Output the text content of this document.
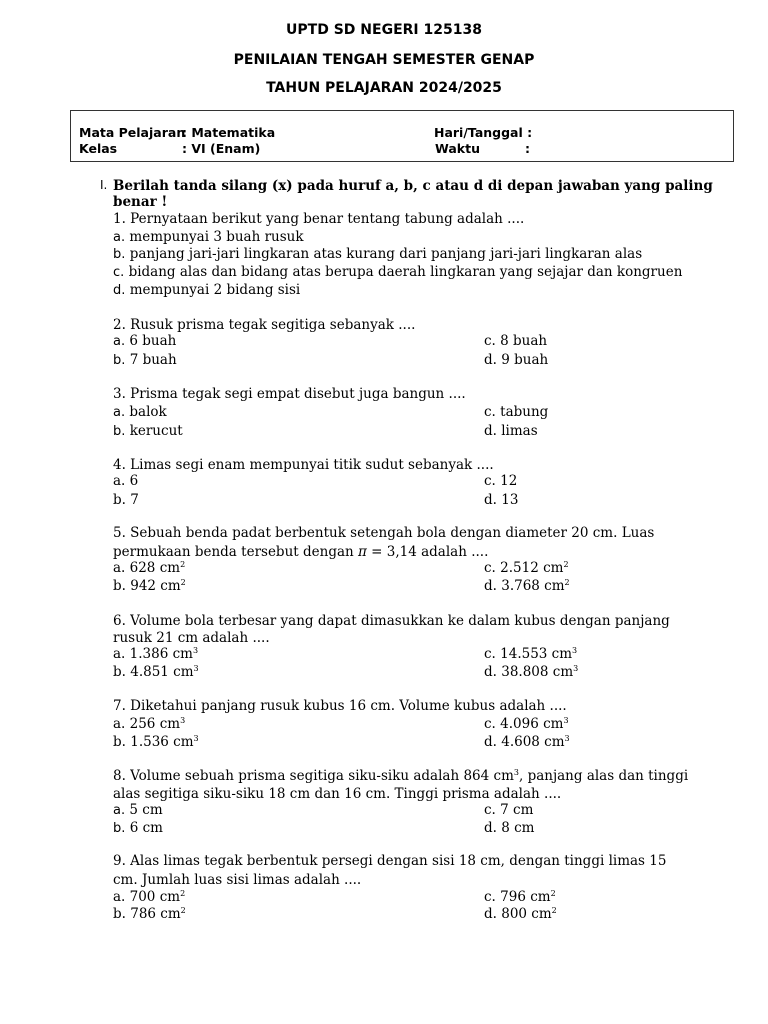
UPTD SD NEGERI 125138
PENILAIAN TENGAH SEMESTER GENAP
TAHUN PELAJARAN 2024/2025
Mata Pelajaran
: Matematika
Kelas	: VI (Enam)
Hari/Tanggal :
Waktu	:
I. Berilah tanda silang (x) pada huruf a, b, c atau d di depan jawaban yang paling
benar !
1. Pernyataan berikut yang benar tentang tabung adalah ....
a. mempunyai 3 buah rusuk
b. panjang jari-jari lingkaran atas kurang dari panjang jari-jari lingkaran alas
c. bidang alas dan bidang atas berupa daerah lingkaran yang sejajar dan kongruen
d. mempunyai 2 bidang sisi
2. Rusuk prisma tegak segitiga sebanyak ....
a. 6 buah
b. 7 buah
c. 8 buah
d. 9 buah
3. Prisma tegak segi empat disebut juga bangun ....
a. balok
b. kerucut
c. tabung
d. limas
4. Limas segi enam mempunyai titik sudut sebanyak ....
a. 6
b. 7
c. 12
d. 13
5. Sebuah benda padat berbentuk setengah bola dengan diameter 20 cm. Luas
permukaan benda tersebut dengan π = 3,14 adalah ....
a. 628 $cm^2$
b. 942 $cm^2$
c. 2.512 $cm^2$
d. 3.768 $cm^2$
6. Volume bola terbesar yang dapat dimasukkan ke dalam kubus dengan panjang
rusuk 21 cm adalah ....
a. 1.386 $cm^3$
b. 4.851 $cm^3$
c. 14.553 $cm^3$
d. 38.808 $cm^3$
7. Diketahui panjang rusuk kubus 16 cm. Volume kubus adalah ....
a. 256 $cm^3$
b. 1.536 $cm^3$
c. 4.096 $cm^3$
d. 4.608 $cm^3$
8. Volume sebuah prisma segitiga siku-siku adalah 864 $cm^3$, panjang alas dan tinggi
alas segitiga siku-siku 18 cm dan 16 cm. Tinggi prisma adalah ....
a. 5 cm
b. 6 cm
c. 7 cm
d. 8 cm
9. Alas limas tegak berbentuk persegi dengan sisi 18 cm, dengan tinggi limas 15
cm. Jumlah luas sisi limas adalah ....
a. 700 $cm^2$
b. 786 $cm^2$
c. 796 $cm^2$
d. 800 $cm^2$
